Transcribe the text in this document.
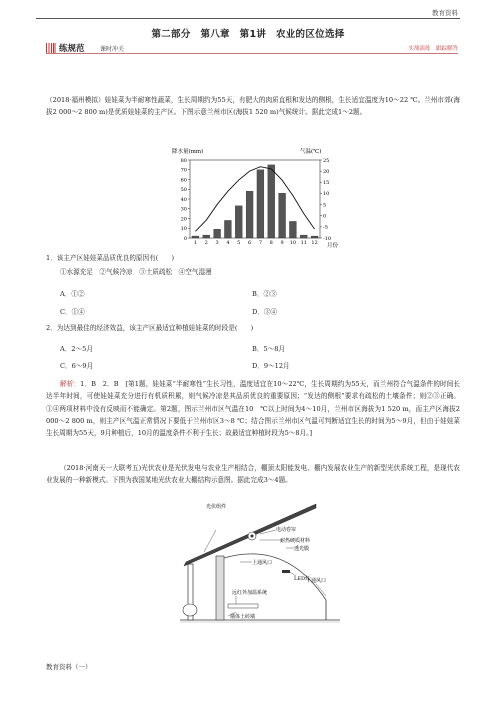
教育资料
第二部分　第八章　第1讲　农业的区位选择
练规范	课时冲关	实战演练　跟踪解答
（2018·福州模拟）娃娃菜为半耐寒性蔬菜，生长周期约为55天，有肥大的肉质直根和发达的侧根，生长适宜温度为10～22 ℃。兰州市郊(海拔2 000～2 800 m)是优质娃娃菜的主产区。下图示意兰州市区(海拔1 520 m)气候统计。据此完成1～2题。
降水量(mm)	气温(℃)
月份
0
10
20
30
40
50
60
70
80
-10
-5
0
5
10
15
20
25
1 2 3 4 5 6 7 8 9 10 11 12
1．该主产区娃娃菜品质优良的原因有(　　)
①水源充足　②气候冷凉　③土质疏松　④空气湿漫
A．①②	B．②③
C．①④	D．③④
2．为达到最佳的经济效益，该主产区最适宜种植娃娃菜的时段是(　　)
A．2～5月	B．5～8月
C．6～9月	D．9～12月
解析：1．B　2．B　[第1题，娃娃菜“半耐寒性”生长习性，温度适宜在10～22℃，生长周期约为55天，而兰州符合气温条件的时间长达半年时间，可使娃娃菜充分进行有机质积累，则气候冷凉是其品质优良的重要原因；“发达的侧根”要求有疏松的土壤条件；则②③正确。①④两项材料中没有反映而不能确定。第2题，图示兰州市区气温在10　℃以上时间为4～10月，兰州市区海拔为1 520 m，而主产区海拔2 000～2 800 m，则主产区气温正常情况下要低于兰州市区3～8 ℃；结合图示兰州市区气温可判断适宜生长的时间为5～9月，但由于娃娃菜生长周期为55天，9月种植后，10月的温度条件不利于生长；故最适宜种植时段为5～8月。]
（2018·河南天一大联考五)光伏农业是光伏发电与农业生产相结合，棚顶太阳能发电、棚内发展农业生产的新型光伏系统工程，是现代农业发展的一种新模式。下图为我国某地光伏农业大棚结构示意图。据此完成3～4题。
光伏组件
电动卷帘
耐热硬质材料
透光膜
上通风口
下通风口
LED灯
远红外加温系统
墙体土砖墙
教育资料（一）
